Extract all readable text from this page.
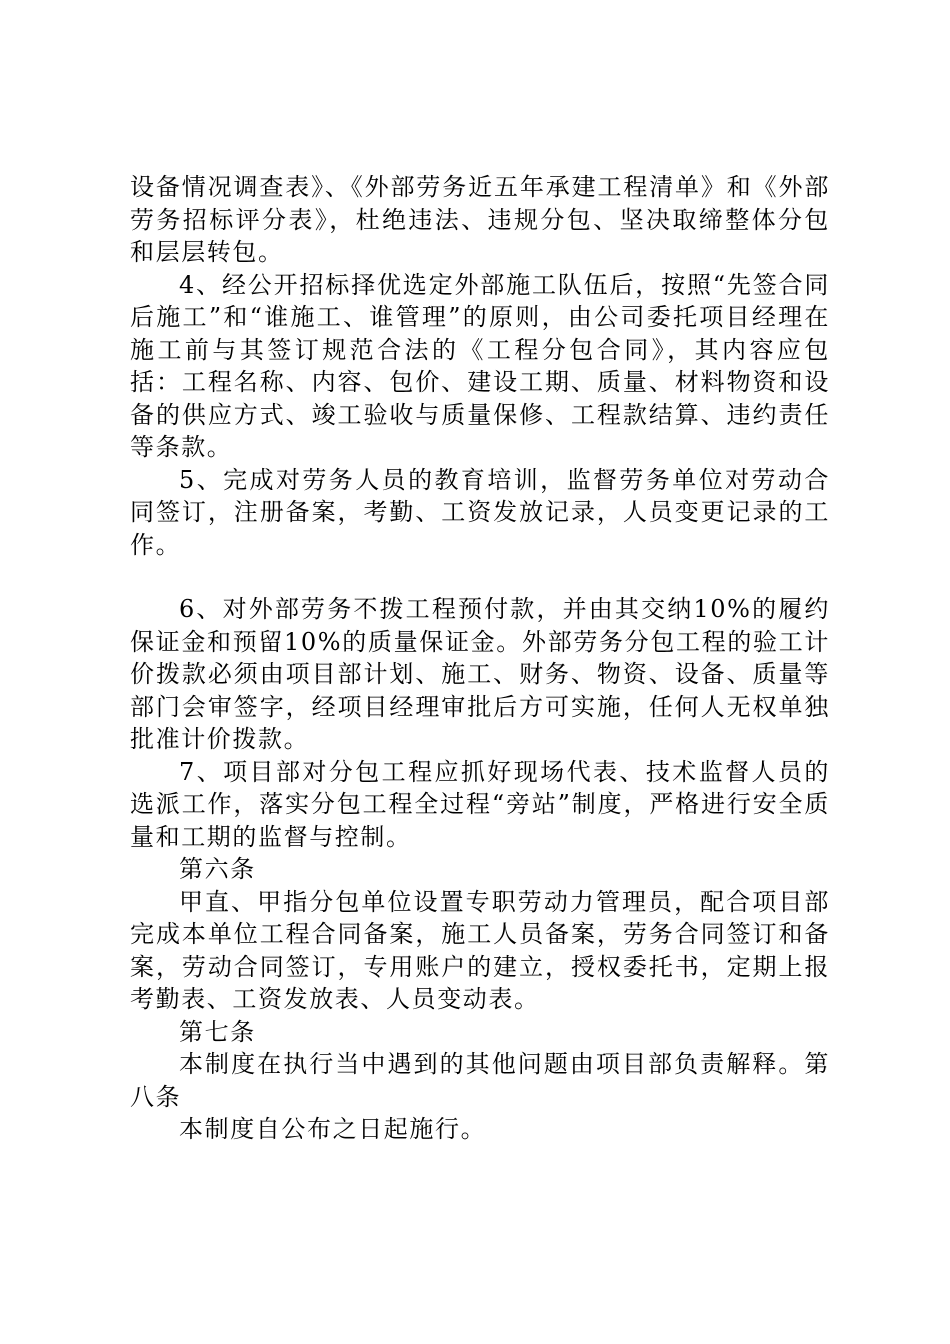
设备情况调查表》、《外部劳务近五年承建工程清单》和《外部劳务招标评分表》，杜绝违法、违规分包、坚决取缔整体分包和层层转包。

4、经公开招标择优选定外部施工队伍后，按照“先签合同后施工”和“谁施工、谁管理”的原则，由公司委托项目经理在施工前与其签订规范合法的《工程分包合同》，其内容应包括：工程名称、内容、包价、建设工期、质量、材料物资和设备的供应方式、竣工验收与质量保修、工程款结算、违约责任等条款。

5、完成对劳务人员的教育培训，监督劳务单位对劳动合同签订，注册备案，考勤、工资发放记录，人员变更记录的工作。

6、对外部劳务不拨工程预付款，并由其交纳10%的履约保证金和预留10%的质量保证金。外部劳务分包工程的验工计价拨款必须由项目部计划、施工、财务、物资、设备、质量等部门会审签字，经项目经理审批后方可实施，任何人无权单独批准计价拨款。

7、项目部对分包工程应抓好现场代表、技术监督人员的选派工作，落实分包工程全过程“旁站”制度，严格进行安全质量和工期的监督与控制。

第六条

甲直、甲指分包单位设置专职劳动力管理员，配合项目部完成本单位工程合同备案，施工人员备案，劳务合同签订和备案，劳动合同签订，专用账户的建立，授权委托书，定期上报考勤表、工资发放表、人员变动表。

第七条

本制度在执行当中遇到的其他问题由项目部负责解释。第八条

本制度自公布之日起施行。
